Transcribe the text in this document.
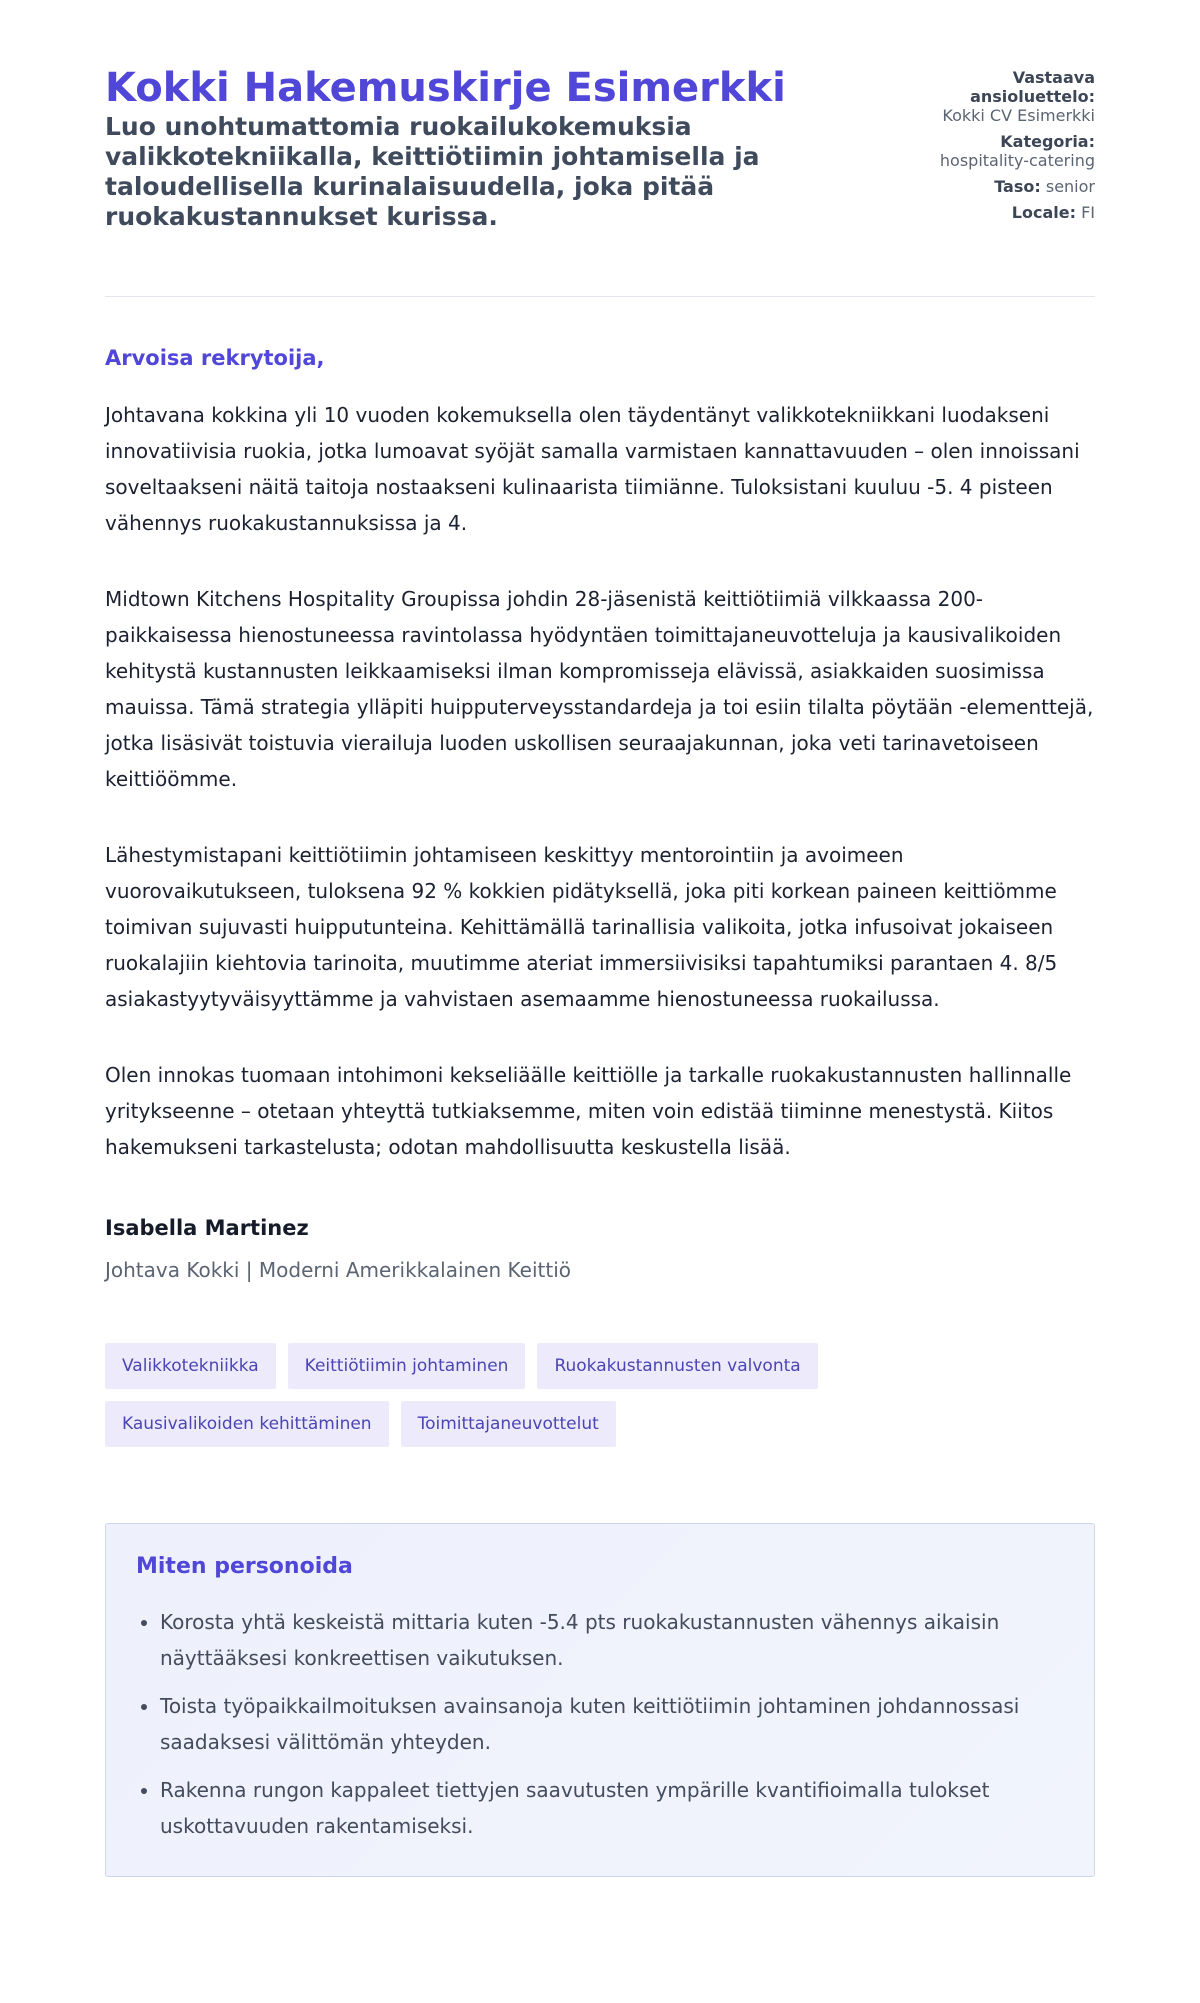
Kokki Hakemuskirje Esimerkki

Luo unohtumattomia ruokailukokemuksia valikkotekniikalla, keittiötiimin johtamisella ja taloudellisella kurinalaisuudella, joka pitää ruokakustannukset kurissa.

Vastaava ansioluettelo:
Kokki CV Esimerkki
Kategoria:
hospitality-catering
Taso: senior
Locale: FI
Arvoisa rekrytoija,

Johtavana kokkina yli 10 vuoden kokemuksella olen täydentänyt valikkotekniikkani luodakseni innovatiivisia ruokia, jotka lumoavat syöjät samalla varmistaen kannattavuuden – olen innoissani soveltaakseni näitä taitoja nostaakseni kulinaarista tiimiänne. Tuloksistani kuuluu -5. 4 pisteen vähennys ruokakustannuksissa ja 4.

Midtown Kitchens Hospitality Groupissa johdin 28-jäsenistä keittiötiimiä vilkkaassa 200-paikkaisessa hienostuneessa ravintolassa hyödyntäen toimittajaneuvotteluja ja kausivalikoiden kehitystä kustannusten leikkaamiseksi ilman kompromisseja elävissä, asiakkaiden suosimissa mauissa. Tämä strategia ylläpiti huipputerveysstandardeja ja toi esiin tilalta pöytään -elementtejä, jotka lisäsivät toistuvia vierailuja luoden uskollisen seuraajakunnan, joka veti tarinavetoiseen keittiöömme.

Lähestymistapani keittiötiimin johtamiseen keskittyy mentorointiin ja avoimeen vuorovaikutukseen, tuloksena 92 % kokkien pidätyksellä, joka piti korkean paineen keittiömme toimivan sujuvasti huipputunteina. Kehittämällä tarinallisia valikoita, jotka infusoivat jokaiseen ruokalajiin kiehtovia tarinoita, muutimme ateriat immersiivisiksi tapahtumiksi parantaen 4. 8/5 asiakastyytyväisyyttämme ja vahvistaen asemaamme hienostuneessa ruokailussa.

Olen innokas tuomaan intohimoni kekseliäälle keittiölle ja tarkalle ruokakustannusten hallinnalle yritykseenne – otetaan yhteyttä tutkiaksemme, miten voin edistää tiiminne menestystä. Kiitos hakemukseni tarkastelusta; odotan mahdollisuutta keskustella lisää.

Isabella Martinez
Johtava Kokki | Moderni Amerikkalainen Keittiö
Valikkotekniikka	Keittiötiimin johtaminen	Ruokakustannusten valvonta
Kausivalikoiden kehittäminen	Toimittajaneuvottelut
Miten personoida
• Korosta yhtä keskeistä mittaria kuten -5.4 pts ruokakustannusten vähennys aikaisin näyttääksesi konkreettisen vaikutuksen.
• Toista työpaikkailmoituksen avainsanoja kuten keittiötiimin johtaminen johdannossasi saadaksesi välittömän yhteyden.
• Rakenna rungon kappaleet tiettyjen saavutusten ympärille kvantifioimalla tulokset uskottavuuden rakentamiseksi.
